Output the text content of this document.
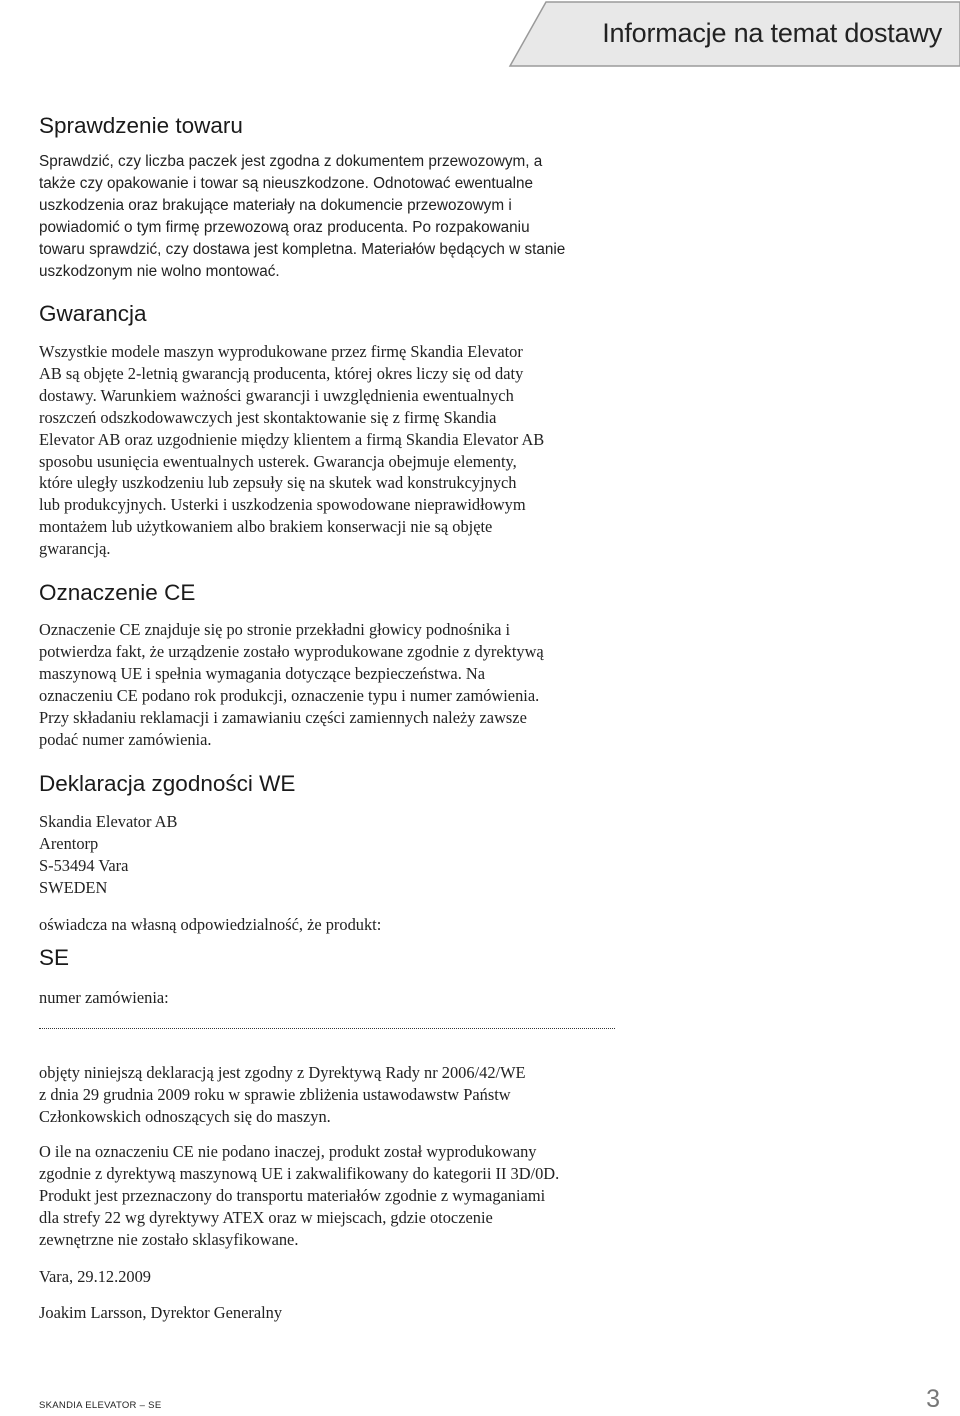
Informacje na temat dostawy
Sprawdzenie towaru

Sprawdzić, czy liczba paczek jest zgodna z dokumentem przewozowym, a
także czy opakowanie i towar są nieuszkodzone. Odnotować ewentualne
uszkodzenia oraz brakujące materiały na dokumencie przewozowym i
powiadomić o tym firmę przewozową oraz producenta. Po rozpakowaniu
towaru sprawdzić, czy dostawa jest kompletna. Materiałów będących w stanie
uszkodzonym nie wolno montować.

Gwarancja

Wszystkie modele maszyn wyprodukowane przez firmę Skandia Elevator
AB są objęte 2-letnią gwarancją producenta, której okres liczy się od daty
dostawy. Warunkiem ważności gwarancji i uwzględnienia ewentualnych
roszczeń odszkodowawczych jest skontaktowanie się z firmę Skandia
Elevator AB oraz uzgodnienie między klientem a firmą Skandia Elevator AB
sposobu usunięcia ewentualnych usterek. Gwarancja obejmuje elementy,
które uległy uszkodzeniu lub zepsuły się na skutek wad konstrukcyjnych
lub produkcyjnych. Usterki i uszkodzenia spowodowane nieprawidłowym
montażem lub użytkowaniem albo brakiem konserwacji nie są objęte
gwarancją.

Oznaczenie CE

Oznaczenie CE znajduje się po stronie przekładni głowicy podnośnika i
potwierdza fakt, że urządzenie zostało wyprodukowane zgodnie z dyrektywą
maszynową UE i spełnia wymagania dotyczące bezpieczeństwa. Na
oznaczeniu CE podano rok produkcji, oznaczenie typu i numer zamówienia.
Przy składaniu reklamacji i zamawianiu części zamiennych należy zawsze
podać numer zamówienia.

Deklaracja zgodności WE

Skandia Elevator AB
Arentorp
S-53494 Vara
SWEDEN

oświadcza na własną odpowiedzialność, że produkt:

SE

numer zamówienia:

objęty niniejszą deklaracją jest zgodny z Dyrektywą Rady nr 2006/42/WE
z dnia 29 grudnia 2009 roku w sprawie zbliżenia ustawodawstw Państw
Członkowskich odnoszących się do maszyn.

O ile na oznaczeniu CE nie podano inaczej, produkt został wyprodukowany
zgodnie z dyrektywą maszynową UE i zakwalifikowany do kategorii II 3D/0D.
Produkt jest przeznaczony do transportu materiałów zgodnie z wymaganiami
dla strefy 22 wg dyrektywy ATEX oraz w miejscach, gdzie otoczenie
zewnętrzne nie zostało sklasyfikowane.

Vara, 29.12.2009

Joakim Larsson, Dyrektor Generalny

SKANDIA ELEVATOR – SE	3
